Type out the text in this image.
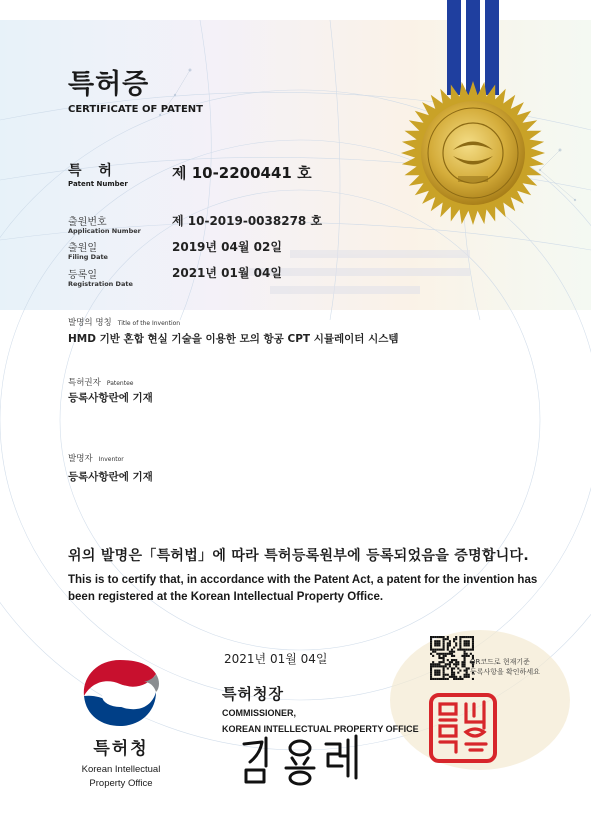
특허증
CERTIFICATE OF PATENT
특 허
Patent Number
제 10-2200441 호
출원번호
Application Number
제 10-2019-0038278 호
출원일
Filing Date
2019년 04월 02일
등록일
Registration Date
2021년 01월 04일
발명의 명칭 Title of the Invention
HMD 기반 혼합 현실 기술을 이용한 모의 항공 CPT 시뮬레이터 시스템
특허권자 Patentee
등록사항란에 기재
발명자 Inventor
등록사항란에 기재
위의 발명은「특허법」에 따라 특허등록원부에 등록되었음을 증명합니다.
This is to certify that, in accordance with the Patent Act, a patent for the invention has been registered at the Korean Intellectual Property Office.
2021년 01월 04일
특허청장
COMMISSIONER,
KOREAN INTELLECTUAL PROPERTY OFFICE
QR코드로 현재기준
등록사항을 확인하세요
특허청
Korean Intellectual
Property Office
